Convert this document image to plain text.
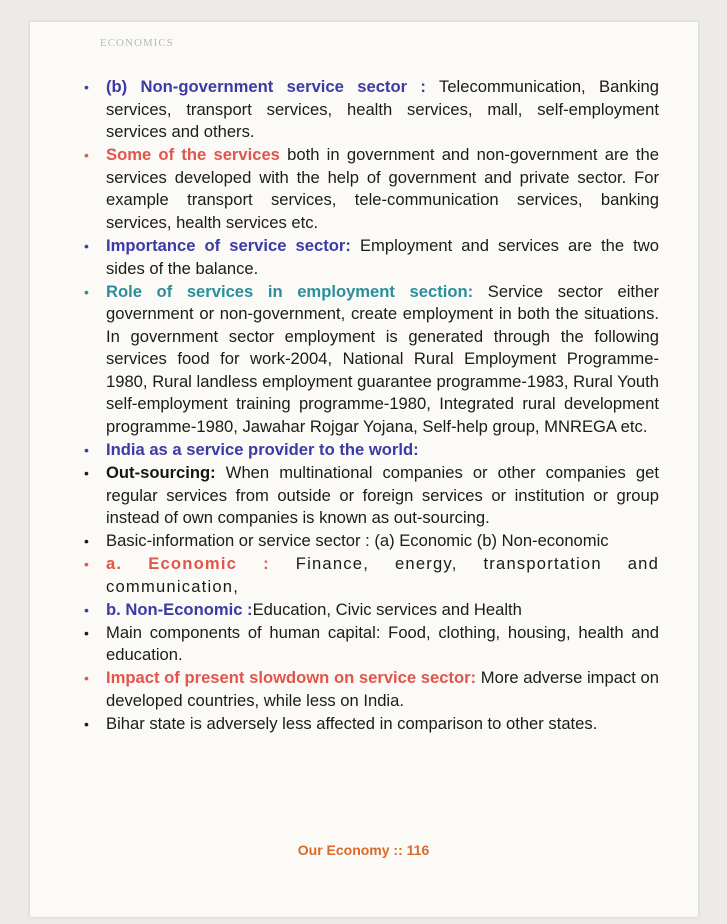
ECONOMICS
• (b) Non-government service sector : Telecommunication, Banking services, transport services, health services, mall, self-employment services and others.
• Some of the services both in government and non-government are the services developed with the help of government and private sector. For example transport services, tele-communication services, banking services, health services etc.
• Importance of service sector: Employment and services are the two sides of the balance.
• Role of services in employment section: Service sector either government or non-government, create employment in both the situations. In government sector employment is generated through the following services food for work-2004, National Rural Employment Programme-1980, Rural landless employment guarantee programme-1983, Rural Youth self-employment training programme-1980, Integrated rural development programme-1980, Jawahar Rojgar Yojana, Self-help group, MNREGA etc.
• India as a service provider to the world:
• Out-sourcing: When multinational companies or other companies get regular services from outside or foreign services or institution or group instead of own companies is known as out-sourcing.
• Basic-information or service sector : (a) Economic (b) Non-economic
• a. Economic : Finance, energy, transportation and communication,
• b. Non-Economic :Education, Civic services and Health
• Main components of human capital: Food, clothing, housing, health and education.
• Impact of present slowdown on service sector: More adverse impact on developed countries, while less on India.
• Bihar state is adversely less affected in comparison to other states.
Our Economy :: 116
